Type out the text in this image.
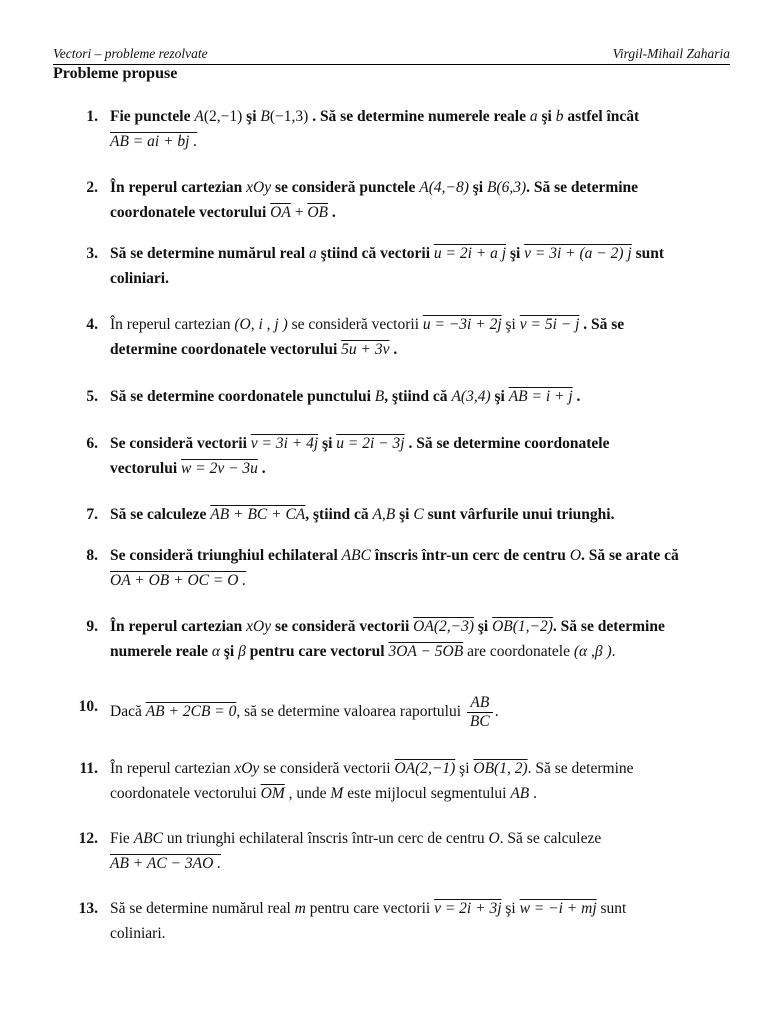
Vectori – probleme rezolvate	Virgil-Mihail Zaharia
Probleme propuse
1. Fie punctele A(2,−1) şi B(−1,3) . Să se determine numerele reale a şi b astfel încât
AB = ai + bj .
2. În reperul cartezian xOy se consideră punctele A(4,−8) şi B(6,3). Să se determine
coordonatele vectorului $\overline{OA} + \overline{OB}$ .
3. Să se determine numărul real a ştiind că vectorii u = 2i + a j şi v = 3i + (a − 2) j sunt
coliniari.
4. În reperul cartezian (O, i , j ) se consideră vectorii u = −3i + 2j şi v = 5i − j . Să se
determine coordonatele vectorului 5u + 3v .
5. Să se determine coordonatele punctului B, ştiind că A(3,4) şi AB = i + j .
6. Se consideră vectorii v = 3i + 4j şi u = 2i − 3j . Să se determine coordonatele
vectorului w = 2v − 3u .
7. Să se calculeze AB + BC + CA, ştiind că A,B şi C sunt vârfurile unui triunghi.
8. Se consideră triunghiul echilateral ABC înscris într-un cerc de centru O. Să se arate că
OA + OB + OC = O .
9. În reperul cartezian xOy se consideră vectorii OA(2,−3) şi OB(1,−2). Să se determine
numerele reale α şi β pentru care vectorul 3OA − 5OB are coordonatele (α ,β ).
10. Dacă AB + 2CB = 0, să se determine valoarea raportului $\frac{AB}{BC}$ .
11. În reperul cartezian xOy se consideră vectorii OA(2,−1) şi OB(1, 2). Să se determine
coordonatele vectorului $\overline{OM}$ , unde M este mijlocul segmentului AB .
12. Fie ABC un triunghi echilateral înscris într-un cerc de centru O. Să se calculeze
AB + AC − 3AO .
13. Să se determine numărul real m pentru care vectorii v = 2i + 3j şi w = −i + mj sunt
coliniari.
